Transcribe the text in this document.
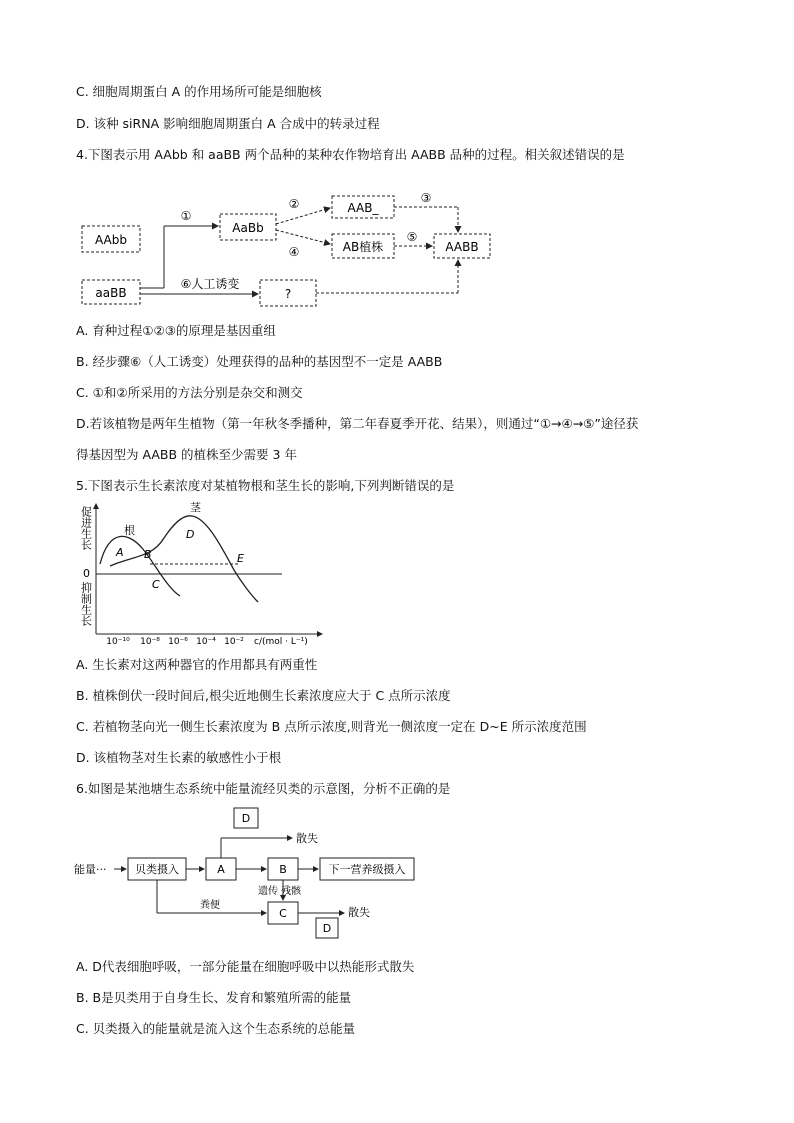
C. 细胞周期蛋白 A 的作用场所可能是细胞核
D. 该种 siRNA 影响细胞周期蛋白 A 合成中的转录过程
4.下图表示用 AAbb 和 aaBB 两个品种的某种农作物培育出 AABB 品种的过程。相关叙述错误的是
AAbb
aaBB
AaBb
AAB_
AB植株	AABB
?
①
②
④
③
⑤
⑥人工诱变
A. 育种过程①②③的原理是基因重组
B. 经步骤⑥（人工诱变）处理获得的品种的基因型不一定是 AABB
C. ①和②所采用的方法分别是杂交和测交
D.若该植物是两年生植物（第一年秋冬季播种，第二年春夏季开花、结果），则通过“①→④→⑤”途径获
得基因型为 AABB 的植株至少需要 3 年
5.下图表示生长素浓度对某植物根和茎生长的影响,下列判断错误的是
促进生长
抑制生长
0
根
茎
A B
C
D
E
10⁻¹⁰ 10⁻⁸ 10⁻⁶ 10⁻⁴ 10⁻² c/(mol · L⁻¹)
A. 生长素对这两种器官的作用都具有两重性
B. 植株倒伏一段时间后,根尖近地侧生长素浓度应大于 C 点所示浓度
C. 若植物茎向光一侧生长素浓度为 B 点所示浓度,则背光一侧浓度一定在 D~E 所示浓度范围
D. 该植物茎对生长素的敏感性小于根
6.如图是某池塘生态系统中能量流经贝类的示意图，分析不正确的是
能量···	贝类摄入	A	B	下一营养级摄入
C
D
D
散失
散失
粪便
遗传 残骸
A. D代表细胞呼吸，一部分能量在细胞呼吸中以热能形式散失
B. B是贝类用于自身生长、发育和繁殖所需的能量
C. 贝类摄入的能量就是流入这个生态系统的总能量
